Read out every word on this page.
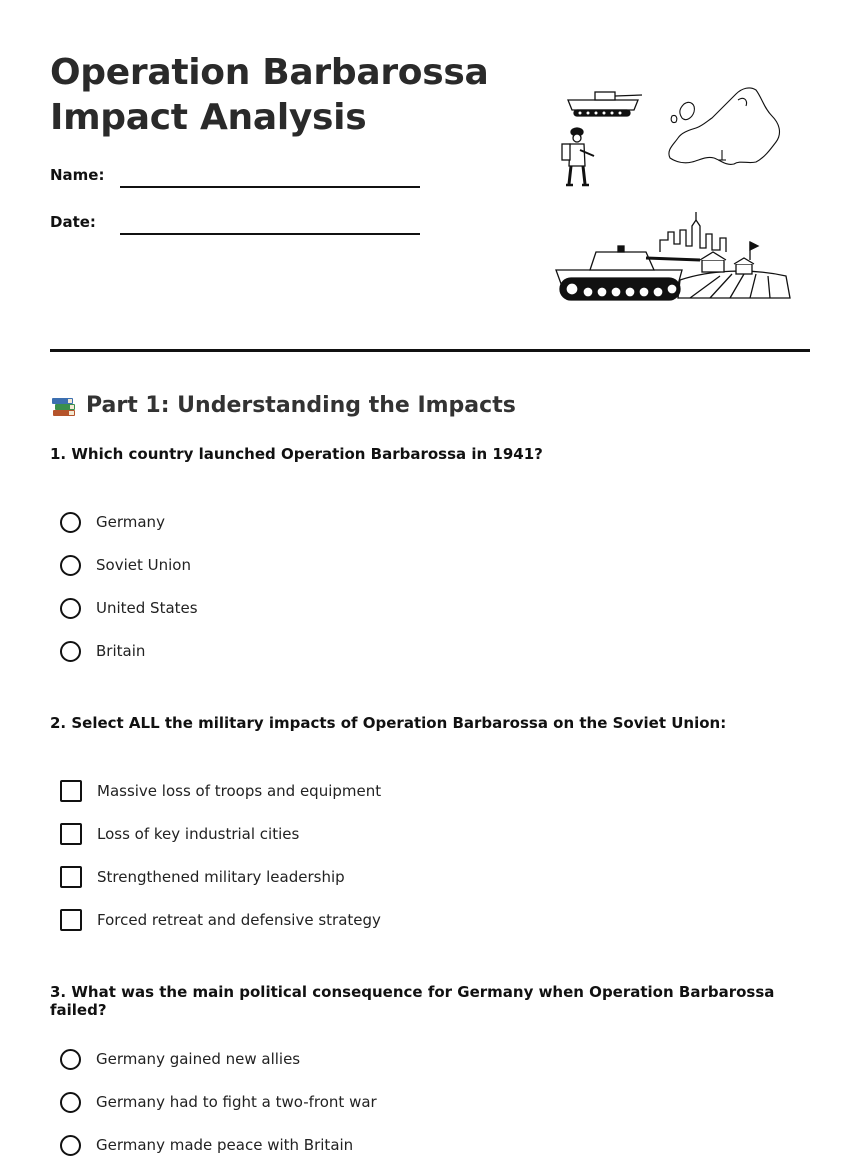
Operation Barbarossa
Impact Analysis
Name:
Date:
Part 1: Understanding the Impacts

1. Which country launched Operation Barbarossa in 1941?

Germany
Soviet Union
United States
Britain

2. Select ALL the military impacts of Operation Barbarossa on the Soviet Union:

Massive loss of troops and equipment
Loss of key industrial cities
Strengthened military leadership
Forced retreat and defensive strategy

3. What was the main political consequence for Germany when Operation Barbarossa failed?

Germany gained new allies
Germany had to fight a two-front war
Germany made peace with Britain
